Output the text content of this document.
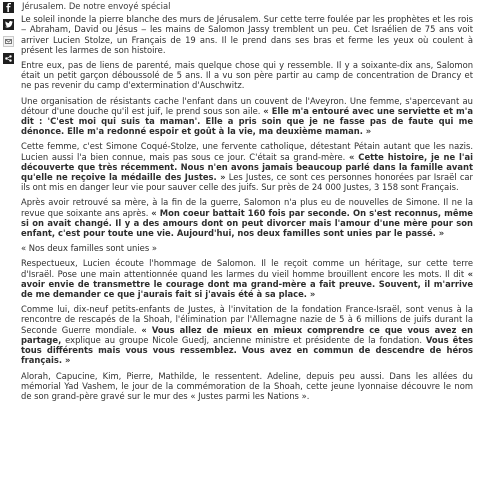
Jérusalem. De notre envoyé spécial

Le soleil inonde la pierre blanche des murs de Jérusalem. Sur cette terre foulée par les prophètes et les rois ‒ Abraham, David ou Jésus ‒ les mains de Salomon Jassy tremblent un peu. Cet Israélien de 75 ans voit arriver Lucien Stolze, un Français de 19 ans. Il le prend dans ses bras et ferme les yeux où coulent à présent les larmes de son histoire.

Entre eux, pas de liens de parenté, mais quelque chose qui y ressemble. Il y a soixante-dix ans, Salomon était un petit garçon déboussolé de 5 ans. Il a vu son père partir au camp de concentration de Drancy et ne pas revenir du camp d'extermination d'Auschwitz.

Une organisation de résistants cache l'enfant dans un couvent de l'Aveyron. Une femme, s'apercevant au détour d'une douche qu'il est juif, le prend sous son aile. « Elle m'a entouré avec une serviette et m'a dit : 'C'est moi qui suis ta maman'. Elle a pris soin que je ne fasse pas de faute qui me dénonce. Elle m'a redonné espoir et goût à la vie, ma deuxième maman. »

Cette femme, c'est Simone Coqué-Stolze, une fervente catholique, détestant Pétain autant que les nazis. Lucien aussi l'a bien connue, mais pas sous ce jour. C'était sa grand-mère. « Cette histoire, je ne l'ai découverte que très récemment. Nous n'en avons jamais beaucoup parlé dans la famille avant qu'elle ne reçoive la médaille des Justes. » Les Justes, ce sont ces personnes honorées par Israël car ils ont mis en danger leur vie pour sauver celle des juifs. Sur près de 24 000 Justes, 3 158 sont Français.

Après avoir retrouvé sa mère, à la fin de la guerre, Salomon n'a plus eu de nouvelles de Simone. Il ne la revue que soixante ans après. « Mon coeur battait 160 fois par seconde. On s'est reconnus, même si on avait changé. Il y a des amours dont on peut divorcer mais l'amour d'une mère pour son enfant, c'est pour toute une vie. Aujourd'hui, nos deux familles sont unies par le passé. »

« Nos deux familles sont unies »

Respectueux, Lucien écoute l'hommage de Salomon. Il le reçoit comme un héritage, sur cette terre d'Israël. Pose une main attentionnée quand les larmes du vieil homme brouillent encore les mots. Il dit « avoir envie de transmettre le courage dont ma grand-mère a fait preuve. Souvent, il m'arrive de me demander ce que j'aurais fait si j'avais été à sa place. »

Comme lui, dix-neuf petits-enfants de Justes, à l'invitation de la fondation France-Israël, sont venus à la rencontre de rescapés de la Shoah, l'élimination par l'Allemagne nazie de 5 à 6 millions de juifs durant la Seconde Guerre mondiale. « Vous allez de mieux en mieux comprendre ce que vous avez en partage, explique au groupe Nicole Guedj, ancienne ministre et présidente de la fondation. Vous êtes tous différents mais vous vous ressemblez. Vous avez en commun de descendre de héros français. »

Alorah, Capucine, Kim, Pierre, Mathilde, le ressentent. Adeline, depuis peu aussi. Dans les allées du mémorial Yad Vashem, le jour de la commémoration de la Shoah, cette jeune lyonnaise découvre le nom de son grand-père gravé sur le mur des « Justes parmi les Nations ».
